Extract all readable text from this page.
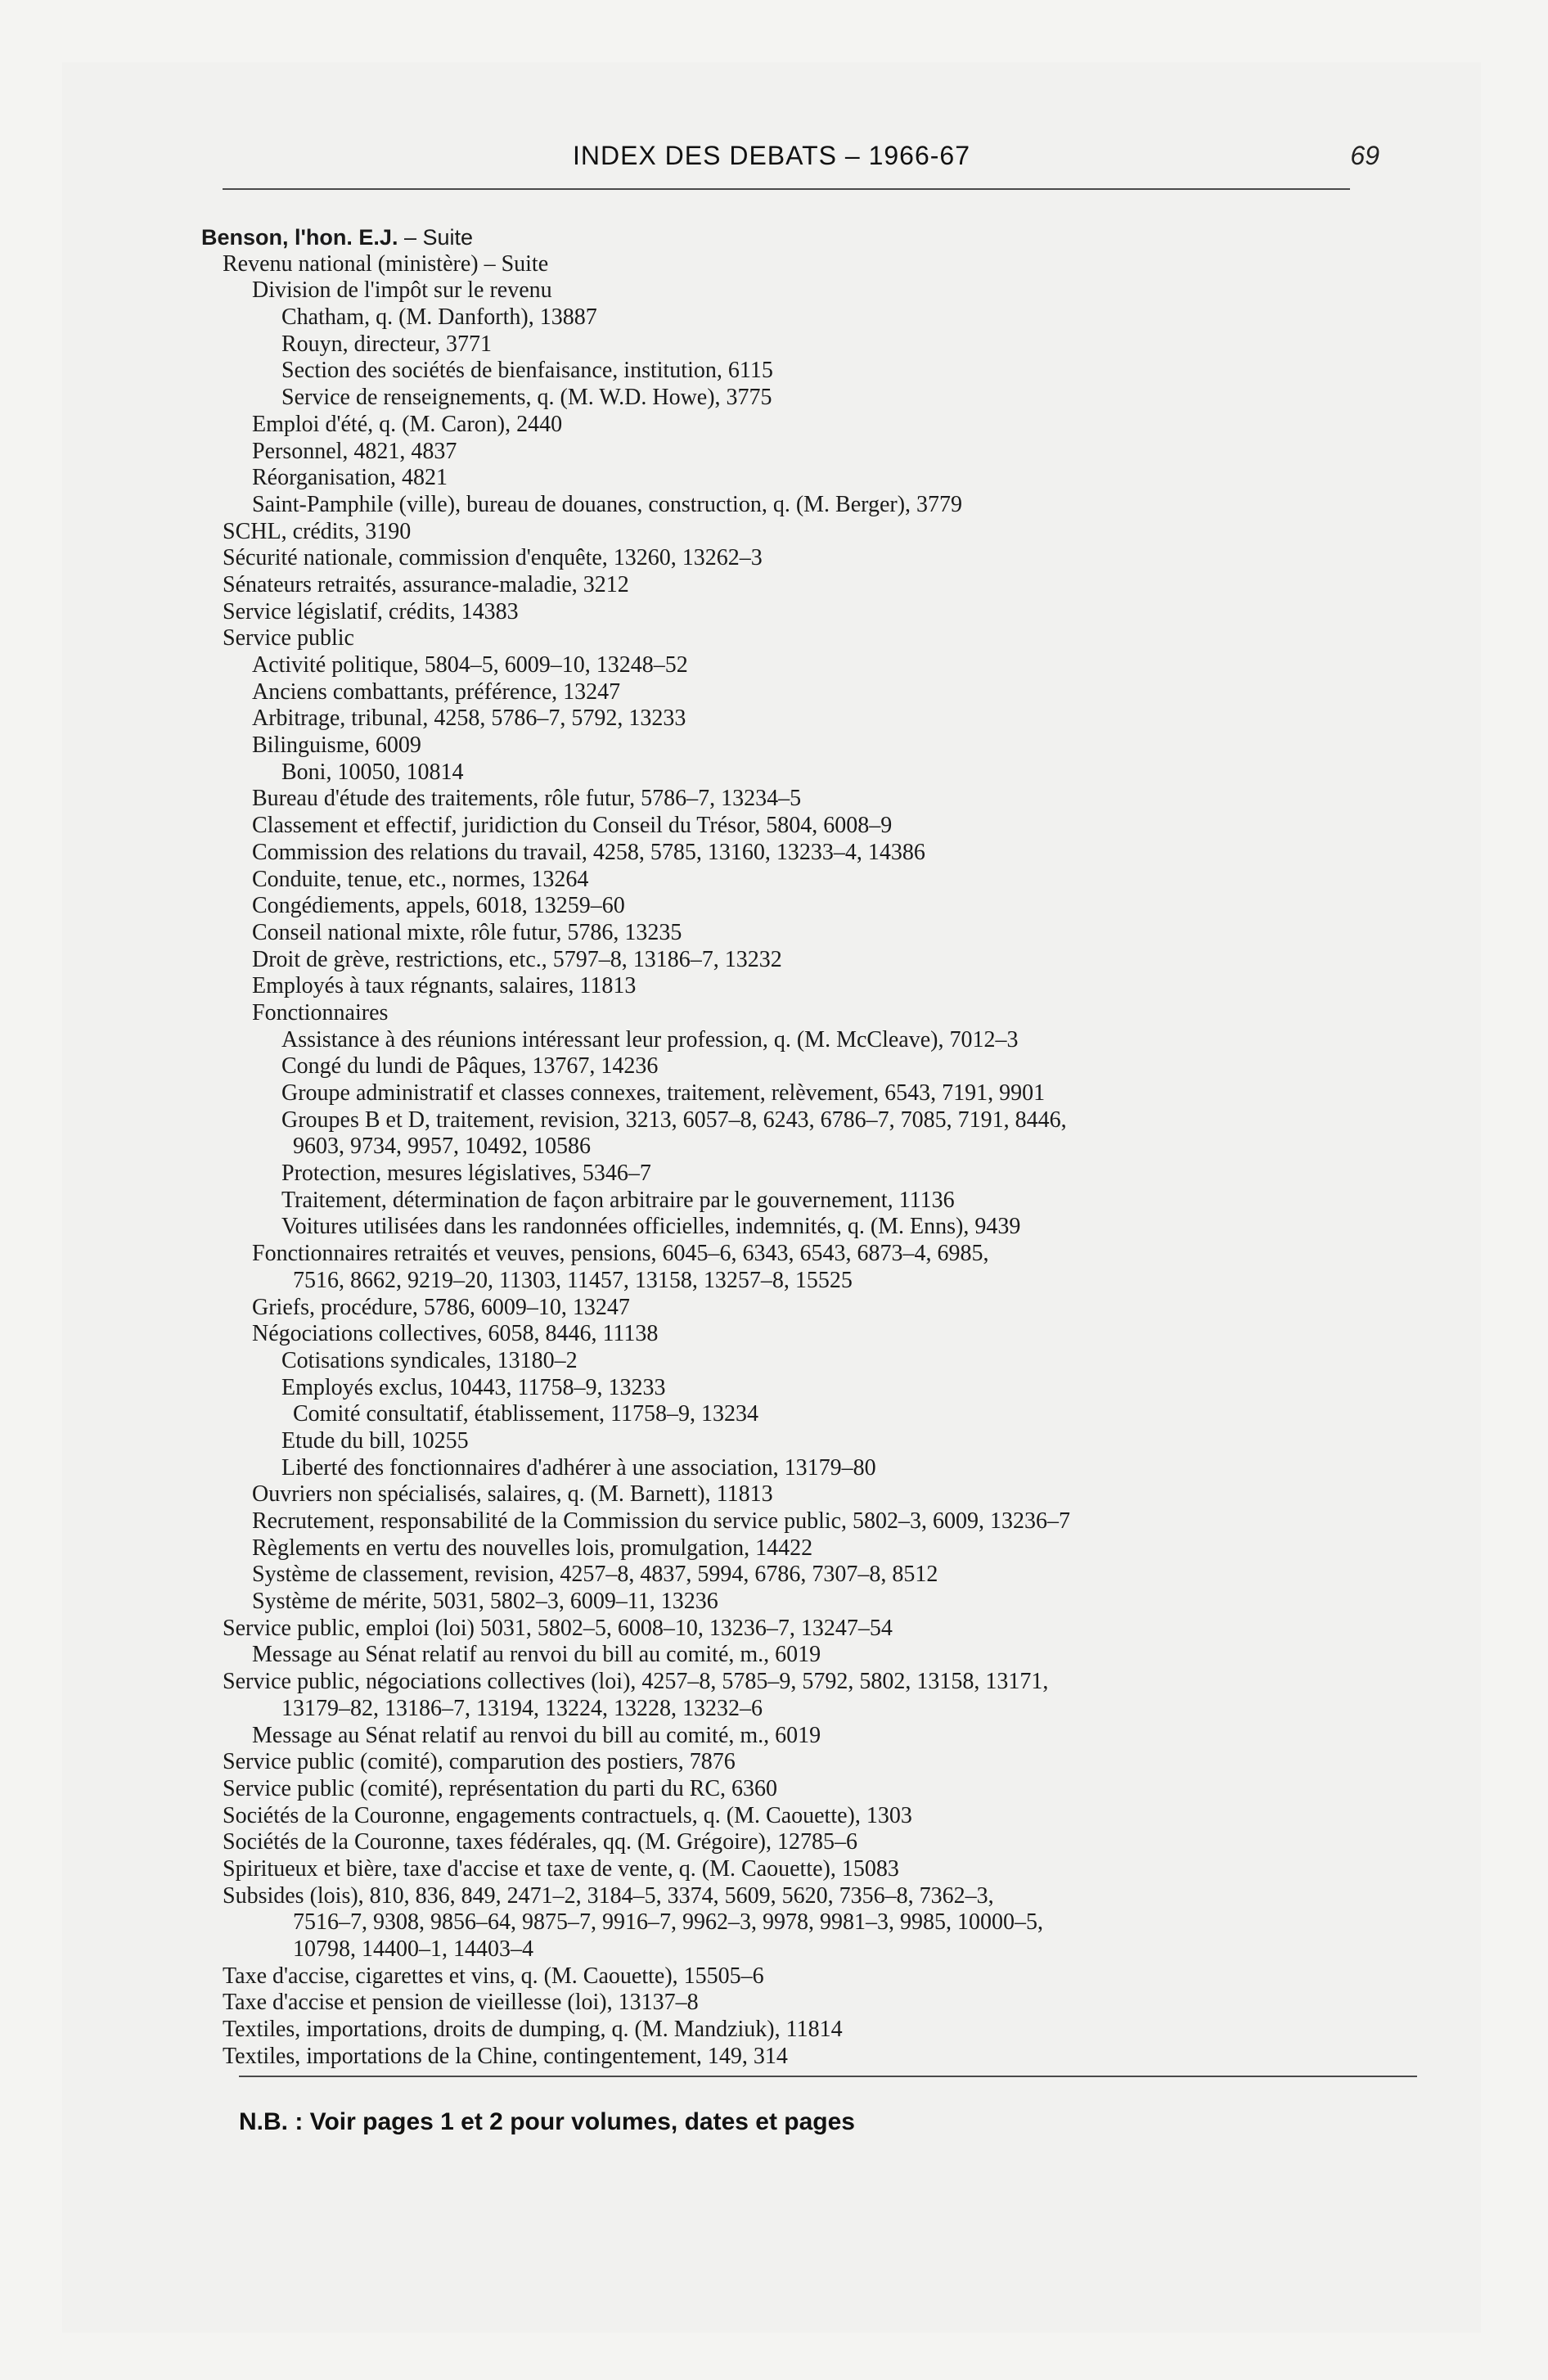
INDEX DES DEBATS – 1966-67	69
Benson, l'hon. E.J. – Suite
Revenu national (ministère) – Suite
Division de l'impôt sur le revenu
Chatham, q. (M. Danforth), 13887
Rouyn, directeur, 3771
Section des sociétés de bienfaisance, institution, 6115
Service de renseignements, q. (M. W.D. Howe), 3775
Emploi d'été, q. (M. Caron), 2440
Personnel, 4821, 4837
Réorganisation, 4821
Saint-Pamphile (ville), bureau de douanes, construction, q. (M. Berger), 3779
SCHL, crédits, 3190
Sécurité nationale, commission d'enquête, 13260, 13262–3
Sénateurs retraités, assurance-maladie, 3212
Service législatif, crédits, 14383
Service public
Activité politique, 5804–5, 6009–10, 13248–52
Anciens combattants, préférence, 13247
Arbitrage, tribunal, 4258, 5786–7, 5792, 13233
Bilinguisme, 6009
Boni, 10050, 10814
Bureau d'étude des traitements, rôle futur, 5786–7, 13234–5
Classement et effectif, juridiction du Conseil du Trésor, 5804, 6008–9
Commission des relations du travail, 4258, 5785, 13160, 13233–4, 14386
Conduite, tenue, etc., normes, 13264
Congédiements, appels, 6018, 13259–60
Conseil national mixte, rôle futur, 5786, 13235
Droit de grève, restrictions, etc., 5797–8, 13186–7, 13232
Employés à taux régnants, salaires, 11813
Fonctionnaires
Assistance à des réunions intéressant leur profession, q. (M. McCleave), 7012–3
Congé du lundi de Pâques, 13767, 14236
Groupe administratif et classes connexes, traitement, relèvement, 6543, 7191, 9901
Groupes B et D, traitement, revision, 3213, 6057–8, 6243, 6786–7, 7085, 7191, 8446,
9603, 9734, 9957, 10492, 10586
Protection, mesures législatives, 5346–7
Traitement, détermination de façon arbitraire par le gouvernement, 11136
Voitures utilisées dans les randonnées officielles, indemnités, q. (M. Enns), 9439
Fonctionnaires retraités et veuves, pensions, 6045–6, 6343, 6543, 6873–4, 6985,
7516, 8662, 9219–20, 11303, 11457, 13158, 13257–8, 15525
Griefs, procédure, 5786, 6009–10, 13247
Négociations collectives, 6058, 8446, 11138
Cotisations syndicales, 13180–2
Employés exclus, 10443, 11758–9, 13233
Comité consultatif, établissement, 11758–9, 13234
Etude du bill, 10255
Liberté des fonctionnaires d'adhérer à une association, 13179–80
Ouvriers non spécialisés, salaires, q. (M. Barnett), 11813
Recrutement, responsabilité de la Commission du service public, 5802–3, 6009, 13236–7
Règlements en vertu des nouvelles lois, promulgation, 14422
Système de classement, revision, 4257–8, 4837, 5994, 6786, 7307–8, 8512
Système de mérite, 5031, 5802–3, 6009–11, 13236
Service public, emploi (loi) 5031, 5802–5, 6008–10, 13236–7, 13247–54
Message au Sénat relatif au renvoi du bill au comité, m., 6019
Service public, négociations collectives (loi), 4257–8, 5785–9, 5792, 5802, 13158, 13171,
13179–82, 13186–7, 13194, 13224, 13228, 13232–6
Message au Sénat relatif au renvoi du bill au comité, m., 6019
Service public (comité), comparution des postiers, 7876
Service public (comité), représentation du parti du RC, 6360
Sociétés de la Couronne, engagements contractuels, q. (M. Caouette), 1303
Sociétés de la Couronne, taxes fédérales, qq. (M. Grégoire), 12785–6
Spiritueux et bière, taxe d'accise et taxe de vente, q. (M. Caouette), 15083
Subsides (lois), 810, 836, 849, 2471–2, 3184–5, 3374, 5609, 5620, 7356–8, 7362–3,
7516–7, 9308, 9856–64, 9875–7, 9916–7, 9962–3, 9978, 9981–3, 9985, 10000–5,
10798, 14400–1, 14403–4
Taxe d'accise, cigarettes et vins, q. (M. Caouette), 15505–6
Taxe d'accise et pension de vieillesse (loi), 13137–8
Textiles, importations, droits de dumping, q. (M. Mandziuk), 11814
Textiles, importations de la Chine, contingentement, 149, 314
N.B. : Voir pages 1 et 2 pour volumes, dates et pages
